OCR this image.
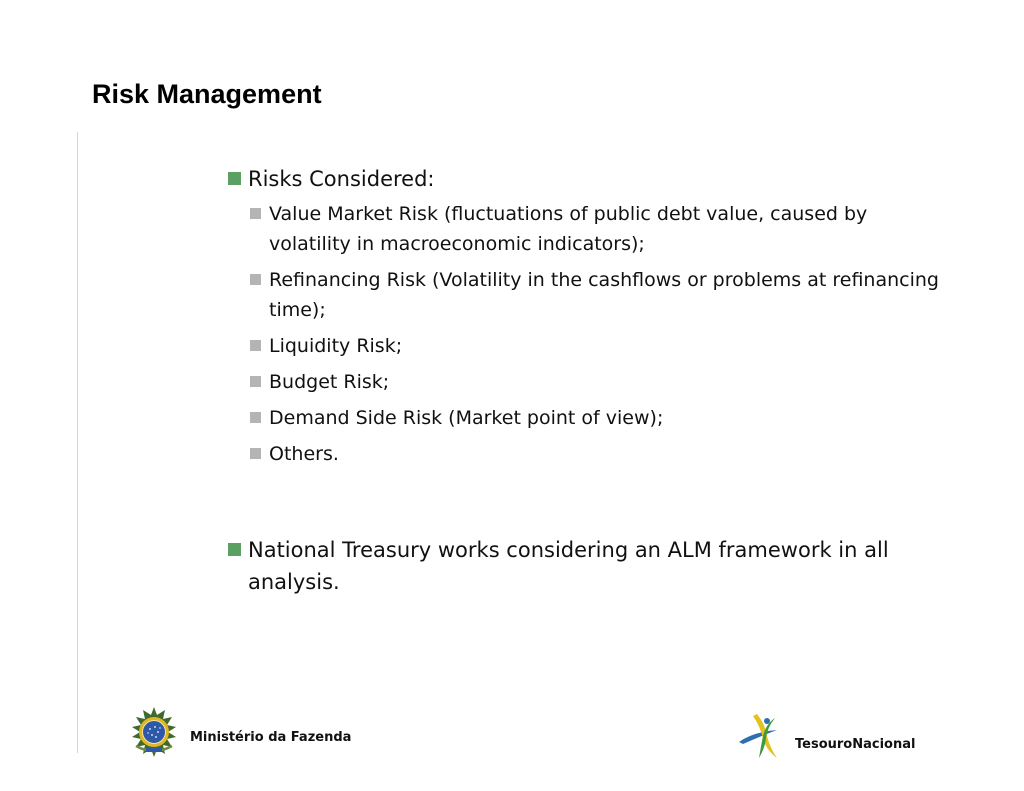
Risk Management
Risks Considered:
Value Market Risk (fluctuations of public debt value, caused by volatility in macroeconomic indicators);
Refinancing Risk (Volatility in the cashflows or problems at refinancing time);
Liquidity Risk;
Budget Risk;
Demand Side Risk (Market point of view);
Others.
National Treasury works considering an ALM framework in all analysis.
Ministério da Fazenda	TesouroNacional
